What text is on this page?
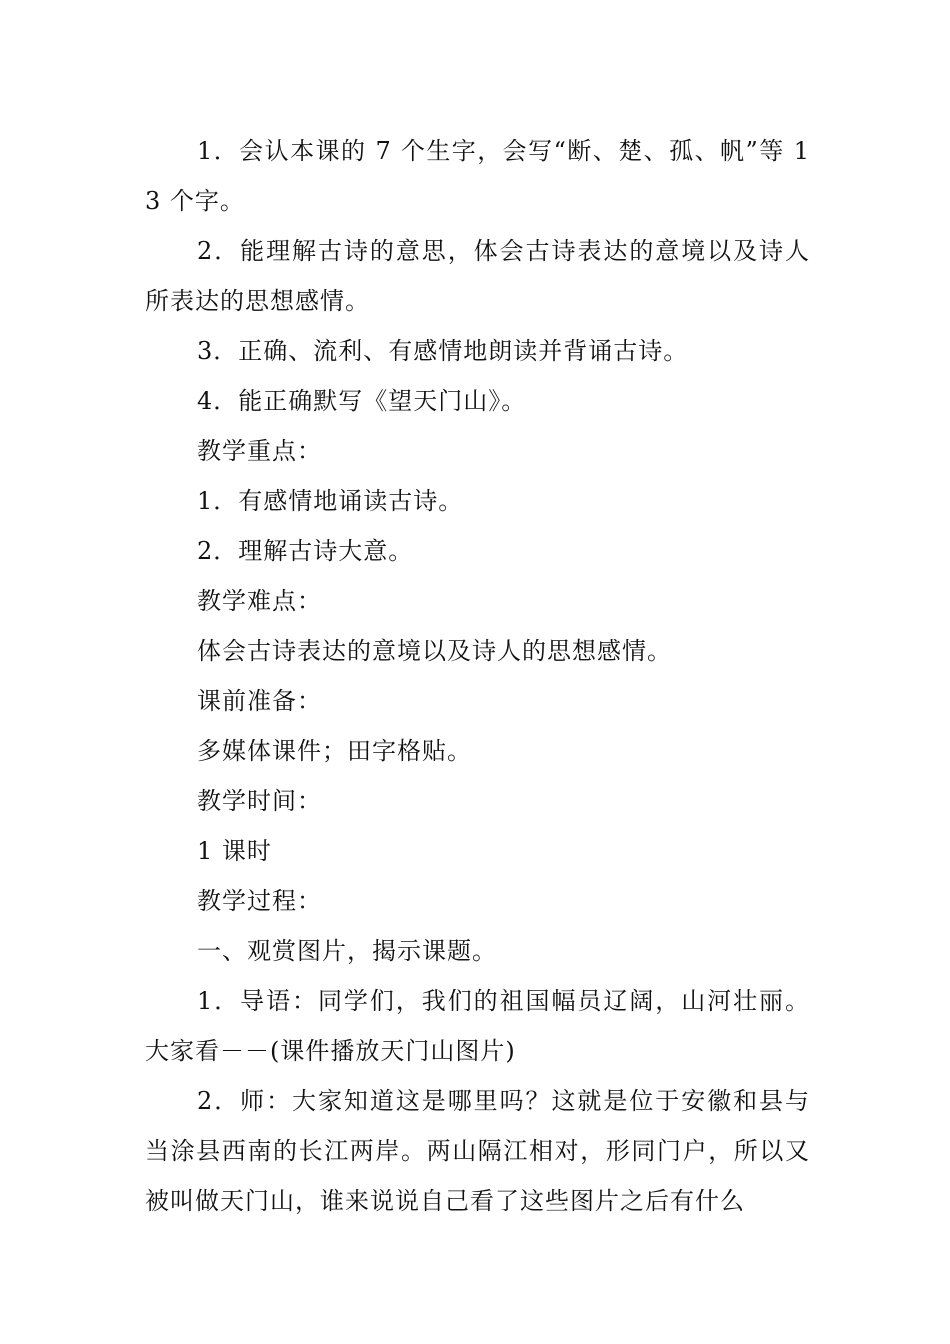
1．会认本课的 7 个生字，会写“断、楚、孤、帆”等 13 个字。

2．能理解古诗的意思，体会古诗表达的意境以及诗人所表达的思想感情。

3．正确、流利、有感情地朗读并背诵古诗。

4．能正确默写《望天门山》。

教学重点：

1．有感情地诵读古诗。

2．理解古诗大意。

教学难点：

体会古诗表达的意境以及诗人的思想感情。

课前准备：

多媒体课件；田字格贴。

教学时间：

1 课时

教学过程：

一、观赏图片，揭示课题。

1．导语：同学们，我们的祖国幅员辽阔，山河壮丽。大家看－－(课件播放天门山图片)

2．师：大家知道这是哪里吗？这就是位于安徽和县与当涂县西南的长江两岸。两山隔江相对，形同门户，所以又被叫做天门山，谁来说说自己看了这些图片之后有什么
